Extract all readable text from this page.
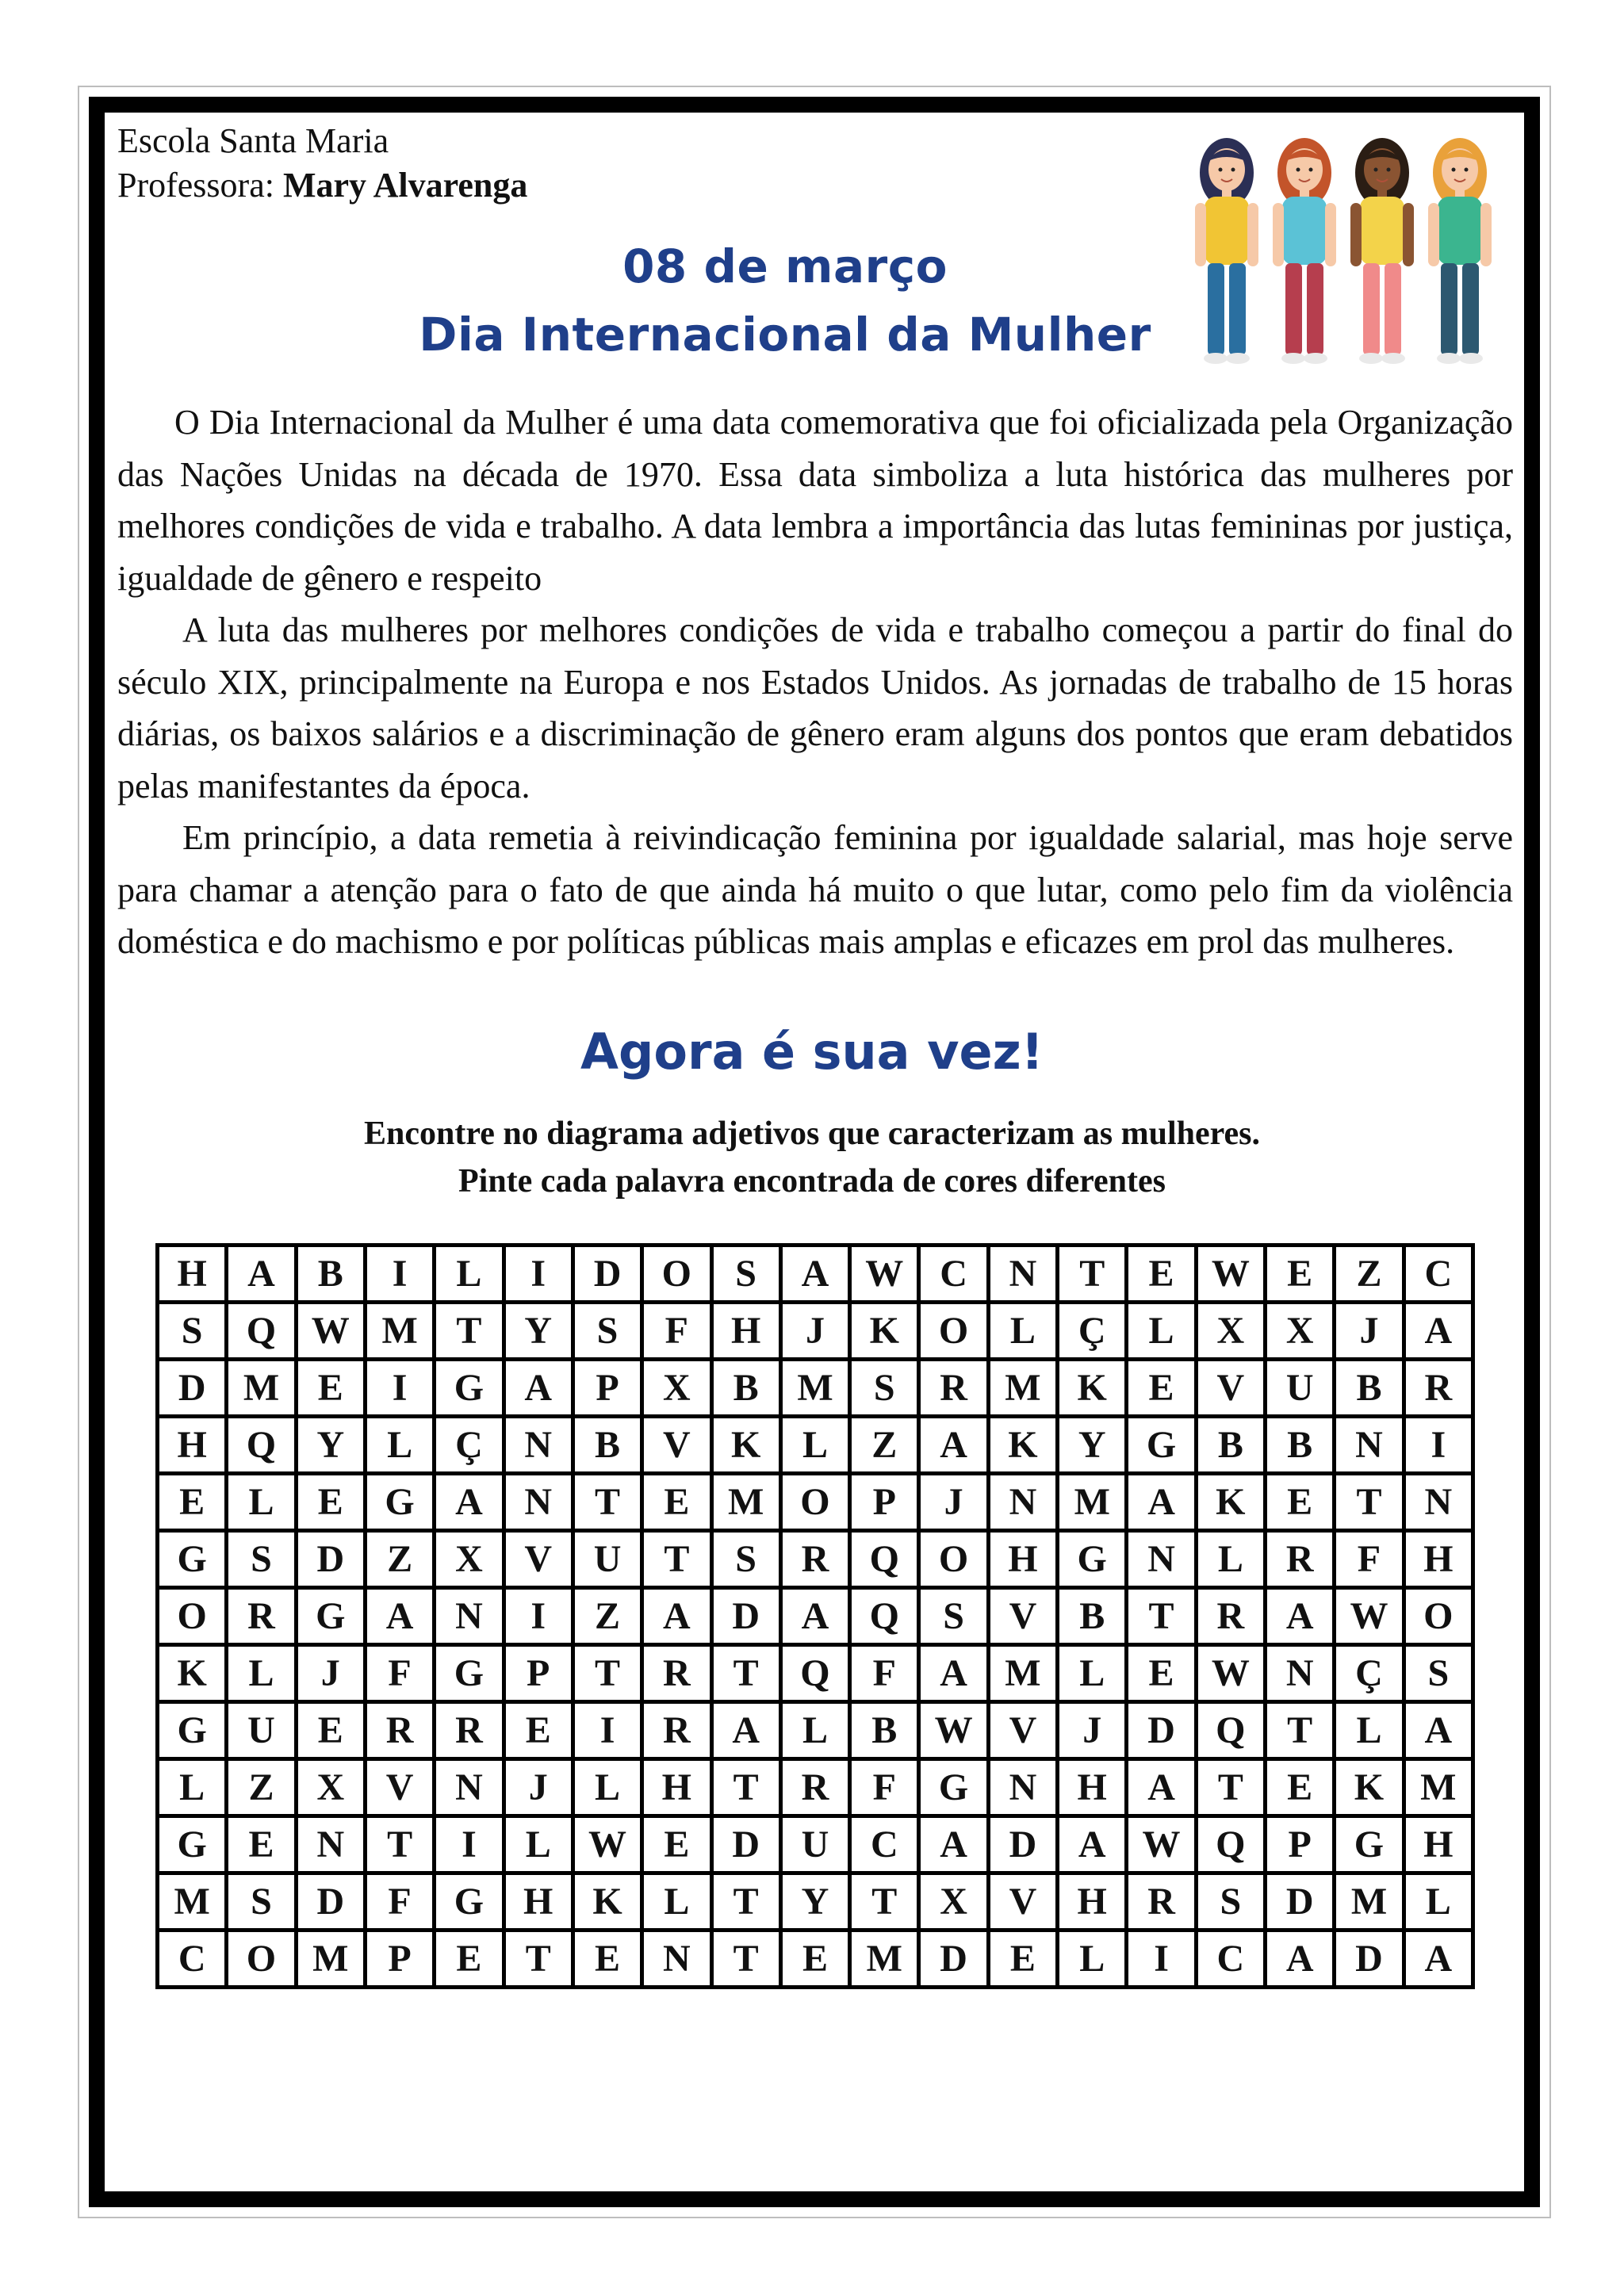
Escola Santa Maria
Professora: Mary Alvarenga
08 de março
Dia Internacional da Mulher

O Dia Internacional da Mulher é uma data comemorativa que foi oficializada pela Organização das Nações Unidas na década de 1970. Essa data simboliza a luta histórica das mulheres por melhores condições de vida e trabalho. A data lembra a importância das lutas femininas por justiça, igualdade de gênero e respeito

A luta das mulheres por melhores condições de vida e trabalho começou a partir do final do século XIX, principalmente na Europa e nos Estados Unidos. As jornadas de trabalho de 15 horas diárias, os baixos salários e a discriminação de gênero eram alguns dos pontos que eram debatidos pelas manifestantes da época.

Em princípio, a data remetia à reivindicação feminina por igualdade salarial, mas hoje serve para chamar a atenção para o fato de que ainda há muito o que lutar, como pelo fim da violência doméstica e do machismo e por políticas públicas mais amplas e eficazes em prol das mulheres.

Agora é sua vez!
Encontre no diagrama adjetivos que caracterizam as mulheres.
Pinte cada palavra encontrada de cores diferentes
H	A	B	I	L	I	D	O	S	A	W	C	N	T	E	W	E	Z	C
S	Q	W	M	T	Y	S	F	H	J	K	O	L	Ç	L	X	X	J	A
D	M	E	I	G	A	P	X	B	M	S	R	M	K	E	V	U	B	R
H	Q	Y	L	Ç	N	B	V	K	L	Z	A	K	Y	G	B	B	N	I
E	L	E	G	A	N	T	E	M	O	P	J	N	M	A	K	E	T	N
G	S	D	Z	X	V	U	T	S	R	Q	O	H	G	N	L	R	F	H
O	R	G	A	N	I	Z	A	D	A	Q	S	V	B	T	R	A	W	O
K	L	J	F	G	P	T	R	T	Q	F	A	M	L	E	W	N	Ç	S
G	U	E	R	R	E	I	R	A	L	B	W	V	J	D	Q	T	L	A
L	Z	X	V	N	J	L	H	T	R	F	G	N	H	A	T	E	K	M
G	E	N	T	I	L	W	E	D	U	C	A	D	A	W	Q	P	G	H
M	S	D	F	G	H	K	L	T	Y	T	X	V	H	R	S	D	M	L
C	O	M	P	E	T	E	N	T	E	M	D	E	L	I	C	A	D	A
